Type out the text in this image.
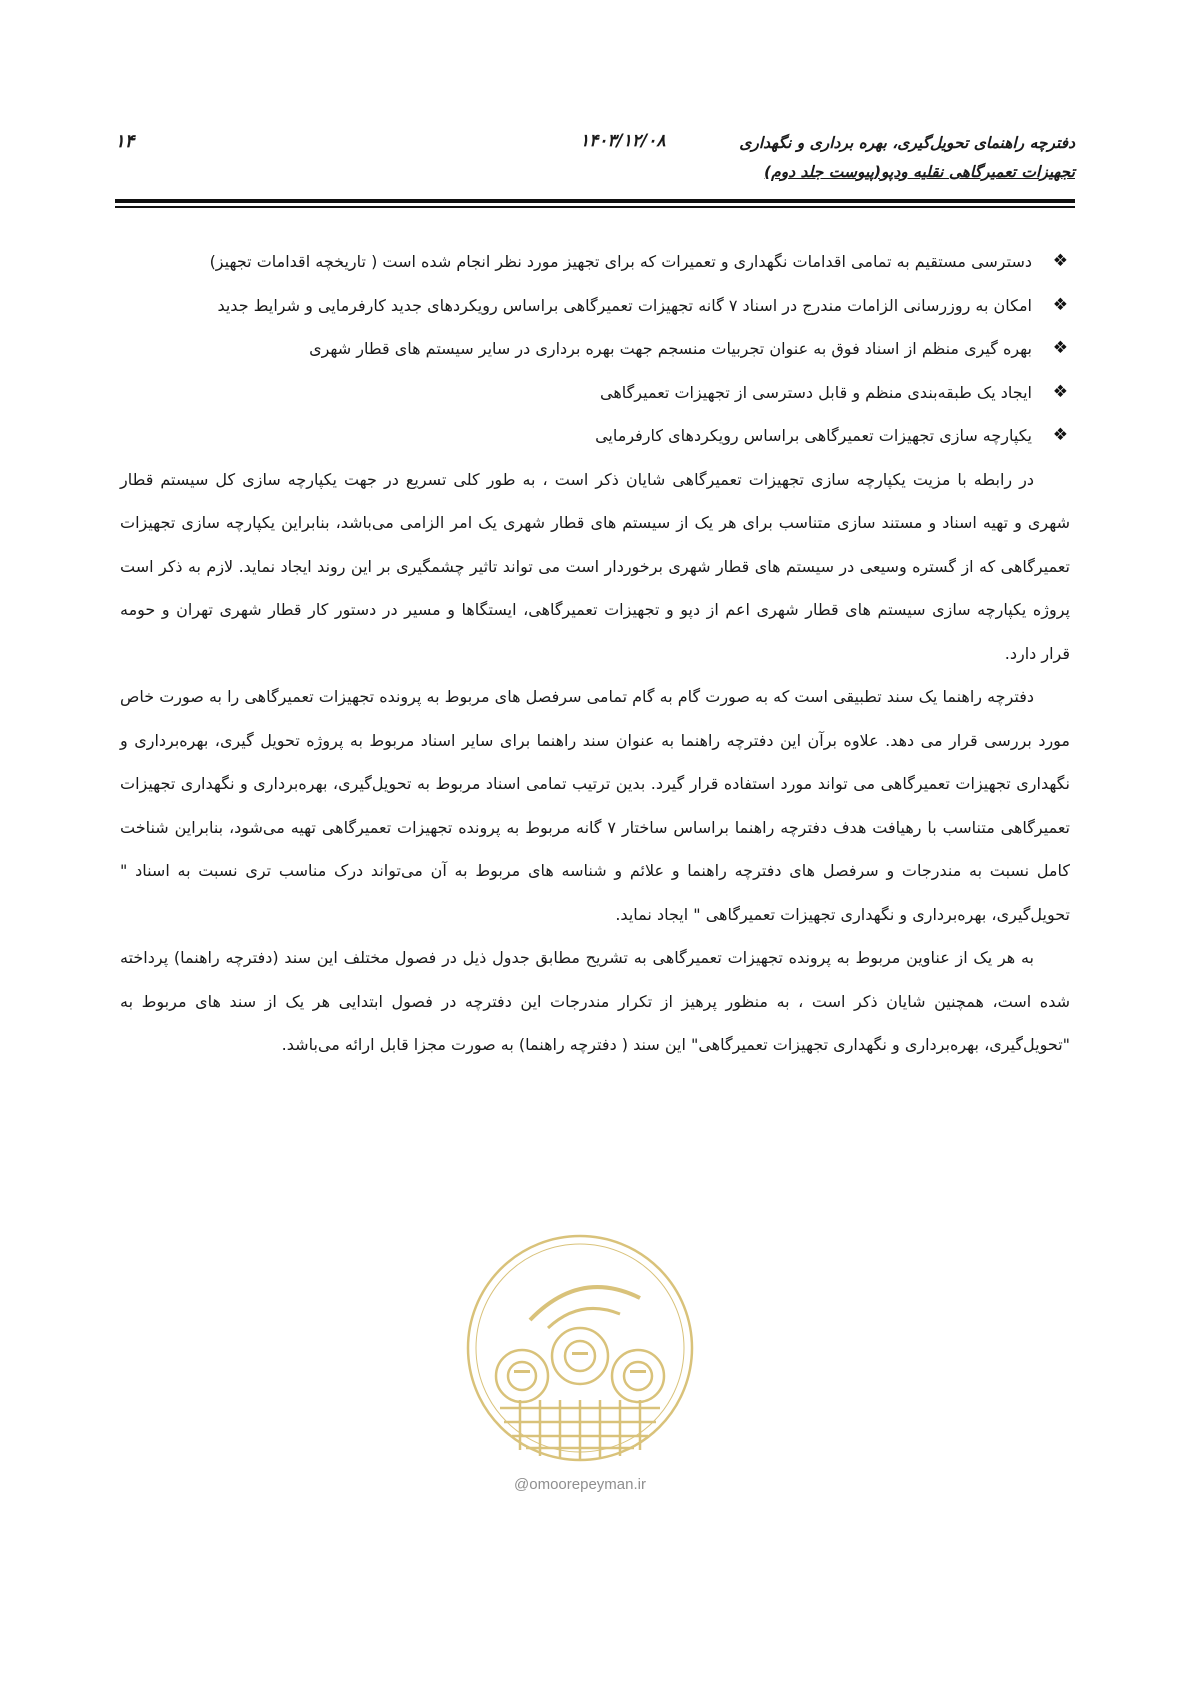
۱۴	۱۴۰۳/۱۲/۰۸	دفترچه راهنمای تحویل‌گیری، بهره برداری و نگهداری
تجهیزات تعمیرگاهی نقلیه ودپو(پیوست جلد دوم)
❖
دسترسی مستقیم به تمامی اقدامات نگهداری و تعمیرات که برای تجهیز مورد نظر انجام شده است ( تاریخچه اقدامات تجهیز)
❖
امکان به روزرسانی الزامات مندرج در اسناد ۷ گانه تجهیزات تعمیرگاهی براساس رویکردهای جدید کارفرمایی و شرایط جدید
❖
بهره گیری منظم از اسناد فوق به عنوان تجربیات منسجم جهت بهره برداری در سایر سیستم های قطار شهری
❖
ایجاد یک طبقه‌بندی منظم و قابل دسترسی از تجهیزات تعمیرگاهی
❖
یکپارچه سازی تجهیزات تعمیرگاهی براساس رویکردهای کارفرمایی

در رابطه با مزیت یکپارچه سازی تجهیزات تعمیرگاهی شایان ذکر است ، به طور کلی تسریع در جهت یکپارچه سازی کل سیستم قطار شهری و تهیه اسناد و مستند سازی متناسب برای هر یک از سیستم های قطار شهری یک امر الزامی می‌باشد، بنابراین یکپارچه سازی تجهیزات تعمیرگاهی که از گستره وسیعی در سیستم های قطار شهری برخوردار است می تواند تاثیر چشمگیری بر این روند ایجاد نماید. لازم به ذکر است پروژه یکپارچه سازی سیستم های قطار شهری اعم از دپو و تجهیزات تعمیرگاهی، ایستگاها و مسیر در دستور کار قطار شهری تهران و حومه قرار دارد.

دفترچه راهنما یک سند تطبیقی است که به صورت گام به گام تمامی سرفصل های مربوط به پرونده تجهیزات تعمیرگاهی را به صورت خاص مورد بررسی قرار می دهد. علاوه برآن این دفترچه راهنما به عنوان سند راهنما برای سایر اسناد مربوط به پروژه تحویل گیری، بهره‌برداری و نگهداری تجهیزات تعمیرگاهی می تواند مورد استفاده قرار گیرد. بدین ترتیب تمامی اسناد مربوط به تحویل‌گیری، بهره‌برداری و نگهداری تجهیزات تعمیرگاهی متناسب با رهیافت هدف دفترچه راهنما براساس ساختار ۷ گانه مربوط به پرونده تجهیزات تعمیرگاهی تهیه می‌شود، بنابراین شناخت کامل نسبت به مندرجات و سرفصل های دفترچه راهنما و علائم و شناسه های مربوط به آن می‌تواند درک مناسب تری نسبت به اسناد " تحویل‌گیری، بهره‌برداری و نگهداری تجهیزات تعمیرگاهی " ایجاد نماید.

به هر یک از عناوین مربوط به پرونده تجهیزات تعمیرگاهی به تشریح مطابق جدول ذیل در فصول مختلف این سند (دفترچه راهنما) پرداخته شده است، همچنین شایان ذکر است ، به منظور پرهیز از تکرار مندرجات این دفترچه در فصول ابتدایی هر یک از سند های مربوط به "تحویل‌گیری، بهره‌برداری و نگهداری تجهیزات تعمیرگاهی" این سند ( دفترچه راهنما) به صورت مجزا قابل ارائه می‌باشد.

@omoorepeyman.ir
